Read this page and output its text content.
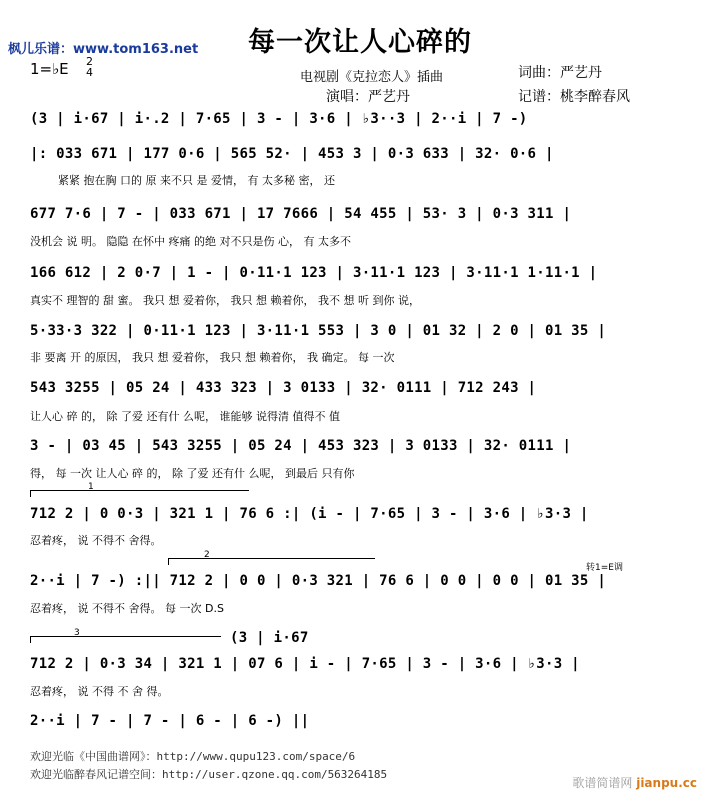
枫儿乐谱：www.tom163.net 每一次让人心碎的
1=♭E 2
4	电视剧《克拉恋人》插曲	词曲：严艺丹
演唱：严艺丹	记谱：桃李醉春风
(3 | i·67 | i·.2 | 7·65 | 3 - | 3·6 | ♭3··3 | 2··i | 7 -)
|: 033 671 | 177 0·6 | 565 52· | 453 3 | 0·3 633 | 32· 0·6 |
紧紧 抱在胸 口的 原 来不只 是 爱情， 有 太多秘 密， 还
677 7·6 | 7 - | 033 671 | 17 7666 | 54 455 | 53· 3 | 0·3 311 |
没机会 说 明。 隐隐 在怀中 疼痛 的绝 对不只是伤 心， 有 太多不
166 612 | 2 0·7 | 1 - | 0·11·1 123 | 3·11·1 123 | 3·11·1 1·11·1 |
真实不 理智的 甜 蜜。 我只 想 爱着你， 我只 想 赖着你， 我不 想 听 到你 说，
5·33·3 322 | 0·11·1 123 | 3·11·1 553 | 3 0 | 01 32 | 2 0 | 01 35 |
非 要离 开 的原因， 我只 想 爱着你， 我只 想 赖着你， 我 确定。 每 一次
543 3255 | 05 24 | 433 323 | 3 0133 | 32· 0111 | 712 243 |
让人心 碎 的， 除 了爱 还有什 么呢， 谁能够 说得清 值得不 值
3 - | 03 45 | 543 3255 | 05 24 | 453 323 | 3 0133 | 32· 0111 |
得， 每 一次 让人心 碎 的， 除 了爱 还有什 么呢， 到最后 只有你
1
712 2 | 0 0·3 | 321 1 | 76 6 :| (i - | 7·65 | 3 - | 3·6 | ♭3·3 |
忍着疼， 说 不得不 舍得。
2
转1=E调
2··i | 7 -) :|| 712 2 | 0 0 | 0·3 321 | 76 6 | 0 0 | 0 0 | 01 35 |
忍着疼， 说 不得不 舍得。 每 一次 D.S
3	(3 | i·67
712 2 | 0·3 34 | 321 1 | 07 6 | i - | 7·65 | 3 - | 3·6 | ♭3·3 |
忍着疼， 说 不得 不 舍 得。
2··i | 7 - | 7 - | 6 - | 6 -) ||
欢迎光临《中国曲谱网》：http://www.qupu123.com/space/6
欢迎光临醉春风记谱空间：http://user.qzone.qq.com/563264185
歌谱简谱网 jianpu.cc
